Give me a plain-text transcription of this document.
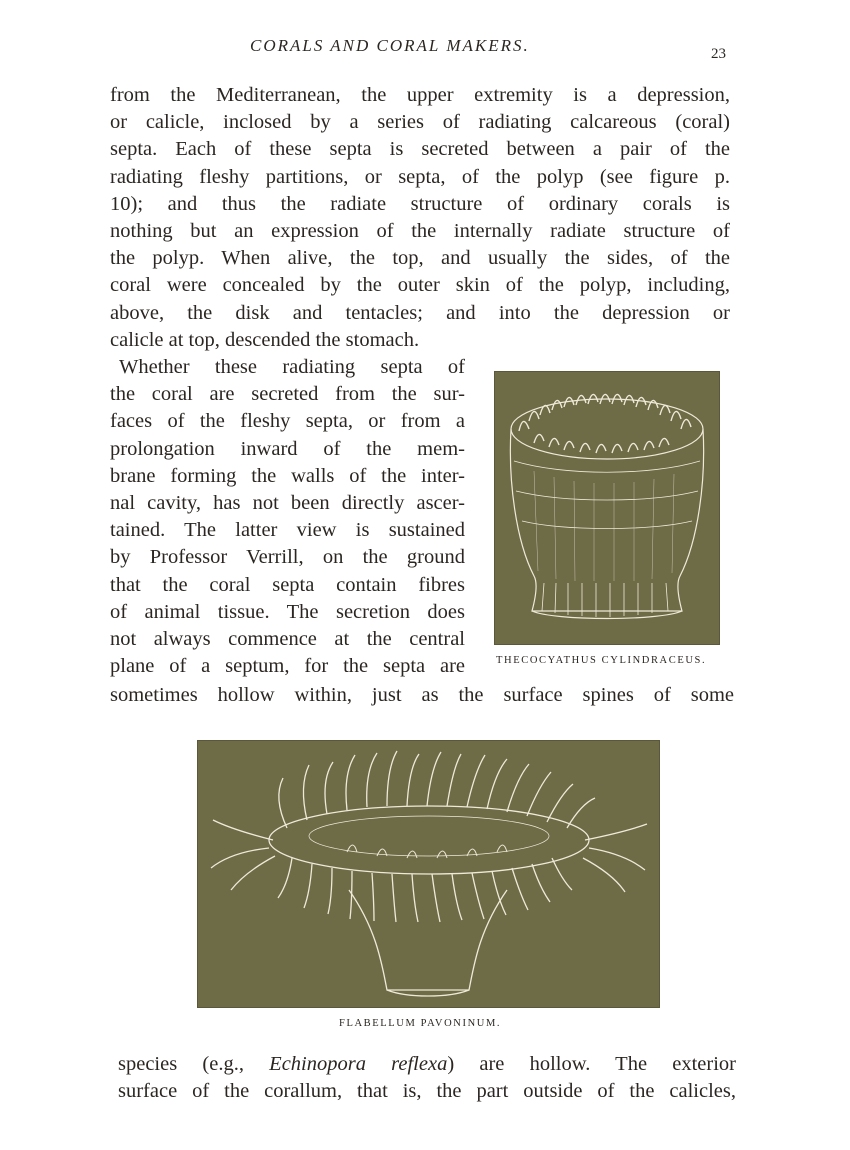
CORALS AND CORAL MAKERS.	23
from the Mediterranean, the upper extremity is a depression,
or calicle, inclosed by a series of radiating calcareous (coral)
septa. Each of these septa is secreted between a pair of the
radiating fleshy partitions, or septa, of the polyp (see figure p.
10); and thus the radiate structure of ordinary corals is
nothing but an expression of the internally radiate structure of
the polyp. When alive, the top, and usually the sides, of the
coral were concealed by the outer skin of the polyp, including,
above, the disk and tentacles; and into the depression or
calicle at top, descended the stomach.
Whether these radiating septa of
the coral are secreted from the sur-
faces of the fleshy septa, or from a
prolongation inward of the mem-
brane forming the walls of the inter-
nal cavity, has not been directly ascer-
tained. The latter view is sustained
by Professor Verrill, on the ground
that the coral septa contain fibres
of animal tissue. The secretion does
not always commence at the central
plane of a septum, for the septa are	THECOCYATHUS CYLINDRACEUS.
sometimes hollow within, just as the surface spines of some
FLABELLUM PAVONINUM.
species (e.g., Echinopora reflexa) are hollow. The exterior
surface of the corallum, that is, the part outside of the calicles,
